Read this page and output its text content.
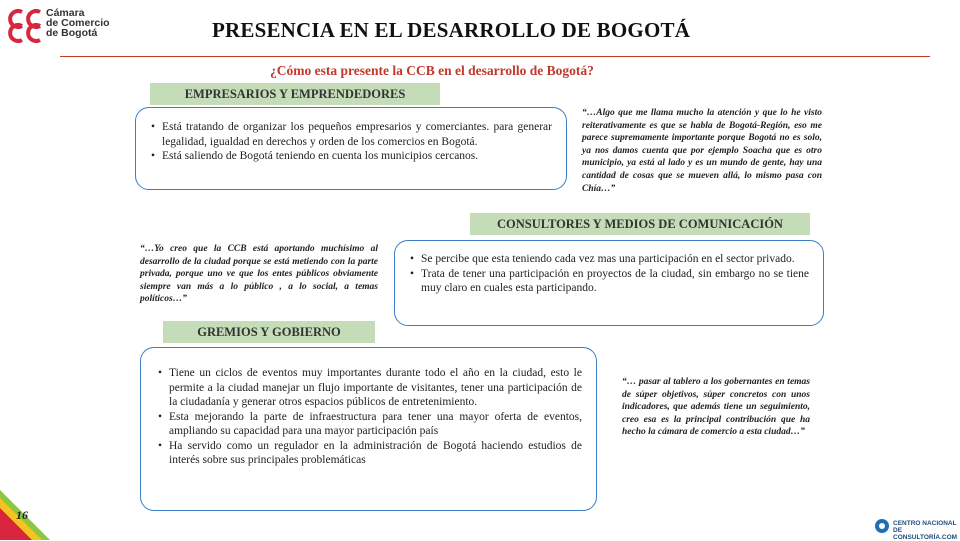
Cámara
de Comercio
de Bogotá	PRESENCIA EN EL DESARROLLO DE BOGOTÁ
¿Cómo esta presente la CCB en el desarrollo de Bogotá?
EMPRESARIOS Y EMPRENDEDORES
• Está tratando de organizar los pequeños empresarios y comerciantes. para generar legalidad, igualdad en derechos y orden de los comercios en Bogotá.
• Está saliendo de Bogotá teniendo en cuenta los municipios cercanos.
“…Algo que me llama mucho la atención y que lo he visto reiterativamente es que se habla de Bogotá-Región, eso me parece supremamente importante porque Bogotá no es solo, ya nos damos cuenta que por ejemplo Soacha que es otro municipio, ya está al lado y es un mundo de gente, hay una cantidad de cosas que se mueven allá, lo mismo pasa con Chía…”
CONSULTORES Y MEDIOS DE COMUNICACIÓN
• Se percibe que esta teniendo cada vez mas una participación en el sector privado.
• Trata de tener una participación en proyectos de la ciudad, sin embargo no se tiene muy claro en cuales esta participando.
“…Yo creo que la CCB está aportando muchísimo al desarrollo de la ciudad porque se está metiendo con la parte privada, porque uno ve que los entes públicos obviamente siempre van más a lo público , a lo social, a temas políticos…”
GREMIOS Y GOBIERNO
• Tiene un ciclos de eventos muy importantes durante todo el año en la ciudad, esto le permite a la ciudad manejar un flujo importante de visitantes, tener una participación de la ciudadanía y generar otros espacios públicos de entretenimiento.
• Esta mejorando la parte de infraestructura para tener una mayor oferta de eventos, ampliando su capacidad para una mayor participación país
• Ha servido como un regulador en la administración de Bogotá haciendo estudios de interés sobre sus principales problemáticas
“… pasar al tablero a los gobernantes en temas de súper objetivos, súper concretos con unos indicadores, que además tiene un seguimiento, creo esa es la principal contribución que ha hecho la cámara de comercio a esta ciudad…”
16
CENTRO NACIONAL
DE CONSULTORÍA.COM
